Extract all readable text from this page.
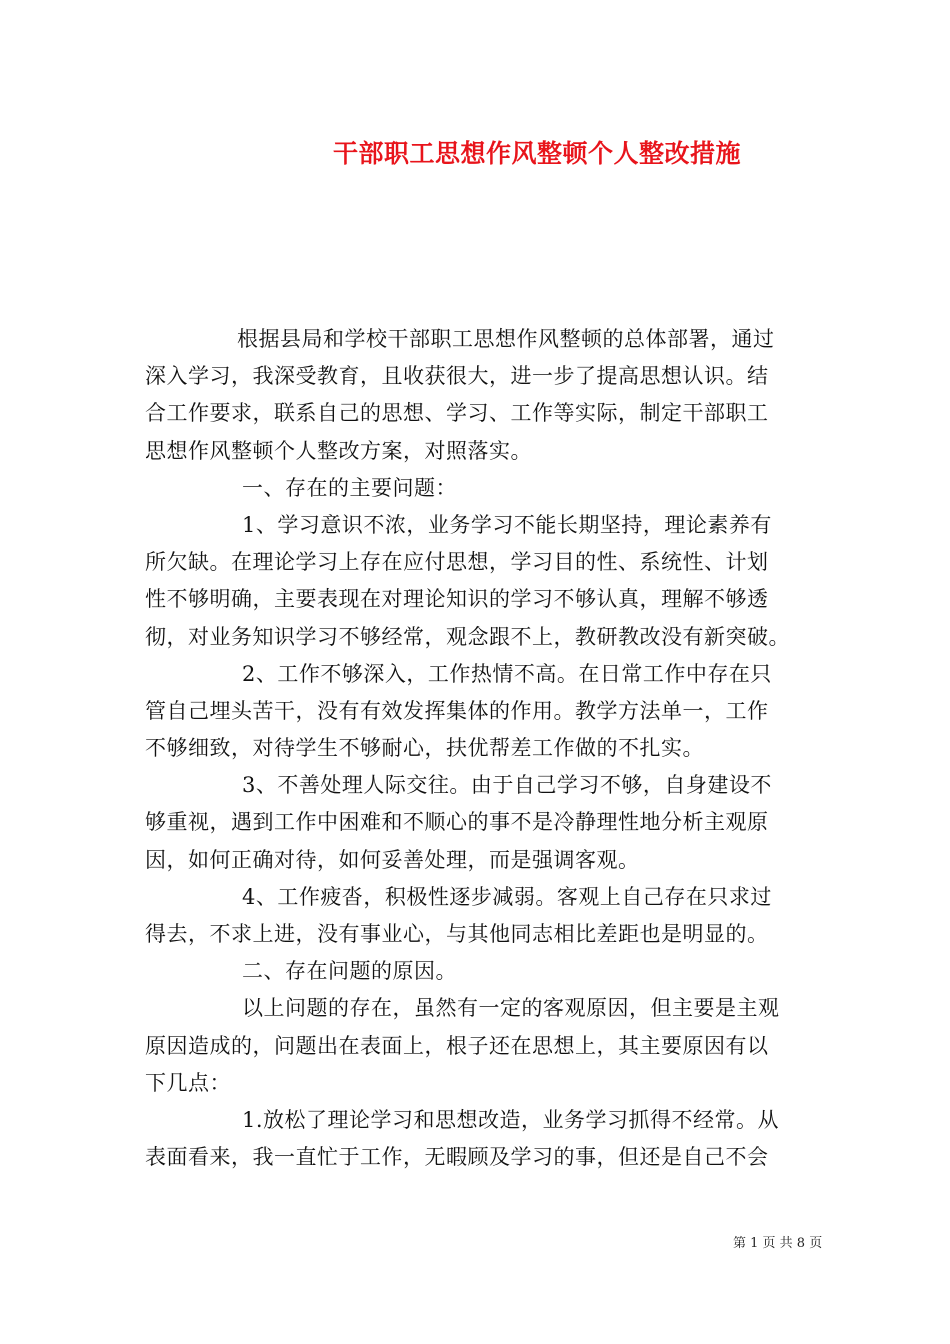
干部职工思想作风整顿个人整改措施
根据县局和学校干部职工思想作风整顿的总体部署，通过
深入学习，我深受教育，且收获很大，进一步了提高思想认识。结
合工作要求，联系自己的思想、学习、工作等实际，制定干部职工
思想作风整顿个人整改方案，对照落实。
一、存在的主要问题：
1、学习意识不浓，业务学习不能长期坚持，理论素养有
所欠缺。在理论学习上存在应付思想，学习目的性、系统性、计划
性不够明确，主要表现在对理论知识的学习不够认真，理解不够透
彻，对业务知识学习不够经常，观念跟不上，教研教改没有新突破。
2、工作不够深入，工作热情不高。在日常工作中存在只
管自己埋头苦干，没有有效发挥集体的作用。教学方法单一，工作
不够细致，对待学生不够耐心，扶优帮差工作做的不扎实。
3、不善处理人际交往。由于自己学习不够，自身建设不
够重视，遇到工作中困难和不顺心的事不是冷静理性地分析主观原
因，如何正确对待，如何妥善处理，而是强调客观。
4、工作疲沓，积极性逐步减弱。客观上自己存在只求过
得去，不求上进，没有事业心，与其他同志相比差距也是明显的。
二、存在问题的原因。
以上问题的存在，虽然有一定的客观原因，但主要是主观
原因造成的，问题出在表面上，根子还在思想上，其主要原因有以
下几点：
1.放松了理论学习和思想改造，业务学习抓得不经常。从
表面看来，我一直忙于工作，无暇顾及学习的事，但还是自己不会
第 1 页 共 8 页
